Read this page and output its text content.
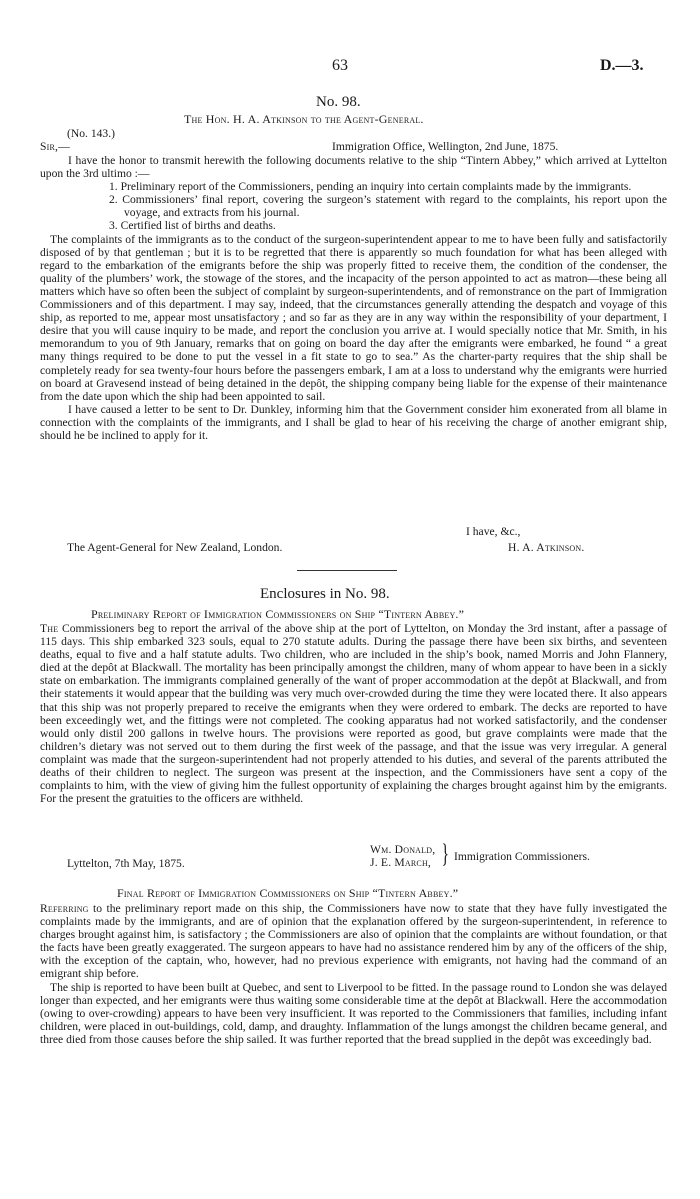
63	D.—3.
No. 98.
The Hon. H. A. Atkinson to the Agent-General.
(No. 143.)
Sir,—	Immigration Office, Wellington, 2nd June, 1875.

I have the honor to transmit herewith the following documents relative to the ship “Tintern Abbey,” which arrived at Lyttelton upon the 3rd ultimo :—

1. Preliminary report of the Commissioners, pending an inquiry into certain complaints made by the immigrants.

2. Commissioners’ final report, covering the surgeon’s statement with regard to the complaints, his report upon the voyage, and extracts from his journal.

3. Certified list of births and deaths.

The complaints of the immigrants as to the conduct of the surgeon-superintendent appear to me to have been fully and satisfactorily disposed of by that gentleman ; but it is to be regretted that there is apparently so much foundation for what has been alleged with regard to the embarkation of the emigrants before the ship was properly fitted to receive them, the condition of the condenser, the quality of the plumbers’ work, the stowage of the stores, and the incapacity of the person appointed to act as matron—these being all matters which have so often been the subject of complaint by surgeon-superintendents, and of remonstrance on the part of Immigration Commissioners and of this department. I may say, indeed, that the circumstances generally attending the despatch and voyage of this ship, as reported to me, appear most unsatisfactory ; and so far as they are in any way within the responsibility of your department, I desire that you will cause inquiry to be made, and report the conclusion you arrive at. I would specially notice that Mr. Smith, in his memorandum to you of 9th January, remarks that on going on board the day after the emigrants were embarked, he found “ a great many things required to be done to put the vessel in a fit state to go to sea.” As the charter-party requires that the ship shall be completely ready for sea twenty-four hours before the passengers embark, I am at a loss to understand why the emigrants were hurried on board at Gravesend instead of being detained in the depôt, the shipping company being liable for the expense of their maintenance from the date upon which the ship had been appointed to sail.

I have caused a letter to be sent to Dr. Dunkley, informing him that the Government consider him exonerated from all blame in connection with the complaints of the immigrants, and I shall be glad to hear of his receiving the charge of another emigrant ship, should he be inclined to apply for it.

I have, &c.,
The Agent-General for New Zealand, London.	H. A. Atkinson.
Enclosures in No. 98.
Preliminary Report of Immigration Commissioners on Ship “Tintern Abbey.”

The Commissioners beg to report the arrival of the above ship at the port of Lyttelton, on Monday the 3rd instant, after a passage of 115 days. This ship embarked 323 souls, equal to 270 statute adults. During the passage there have been six births, and seventeen deaths, equal to five and a half statute adults. Two children, who are included in the ship’s book, named Morris and John Flannery, died at the depôt at Blackwall. The mortality has been principally amongst the children, many of whom appear to have been in a sickly state on embarkation. The immigrants complained generally of the want of proper accommodation at the depôt at Blackwall, and from their statements it would appear that the building was very much over-crowded during the time they were located there. It also appears that this ship was not properly prepared to receive the emigrants when they were ordered to embark. The decks are reported to have been exceedingly wet, and the fittings were not completed. The cooking apparatus had not worked satisfactorily, and the condenser would only distil 200 gallons in twelve hours. The provisions were reported as good, but grave complaints were made that the children’s dietary was not served out to them during the first week of the passage, and that the issue was very irregular. A general complaint was made that the surgeon-superintendent had not properly attended to his duties, and several of the parents attributed the deaths of their children to neglect. The surgeon was present at the inspection, and the Commissioners have sent a copy of the complaints to him, with the view of giving him the fullest opportunity of explaining the charges brought against him by the emigrants. For the present the gratuities to the officers are withheld.

Wm. Donald,
J. E. March, } Immigration Commissioners.
Lyttelton, 7th May, 1875.
Final Report of Immigration Commissioners on Ship “Tintern Abbey.”

Referring to the preliminary report made on this ship, the Commissioners have now to state that they have fully investigated the complaints made by the immigrants, and are of opinion that the explanation offered by the surgeon-superintendent, in reference to charges brought against him, is satisfactory ; the Commissioners are also of opinion that the complaints are without foundation, or that the facts have been greatly exaggerated. The surgeon appears to have had no assistance rendered him by any of the officers of the ship, with the exception of the captain, who, however, had no previous experience with emigrants, not having had the command of an emigrant ship before.

The ship is reported to have been built at Quebec, and sent to Liverpool to be fitted. In the passage round to London she was delayed longer than expected, and her emigrants were thus waiting some considerable time at the depôt at Blackwall. Here the accommodation (owing to over-crowding) appears to have been very insufficient. It was reported to the Commissioners that families, including infant children, were placed in out-buildings, cold, damp, and draughty. Inflammation of the lungs amongst the children became general, and three died from those causes before the ship sailed. It was further reported that the bread supplied in the depôt was exceedingly bad.
